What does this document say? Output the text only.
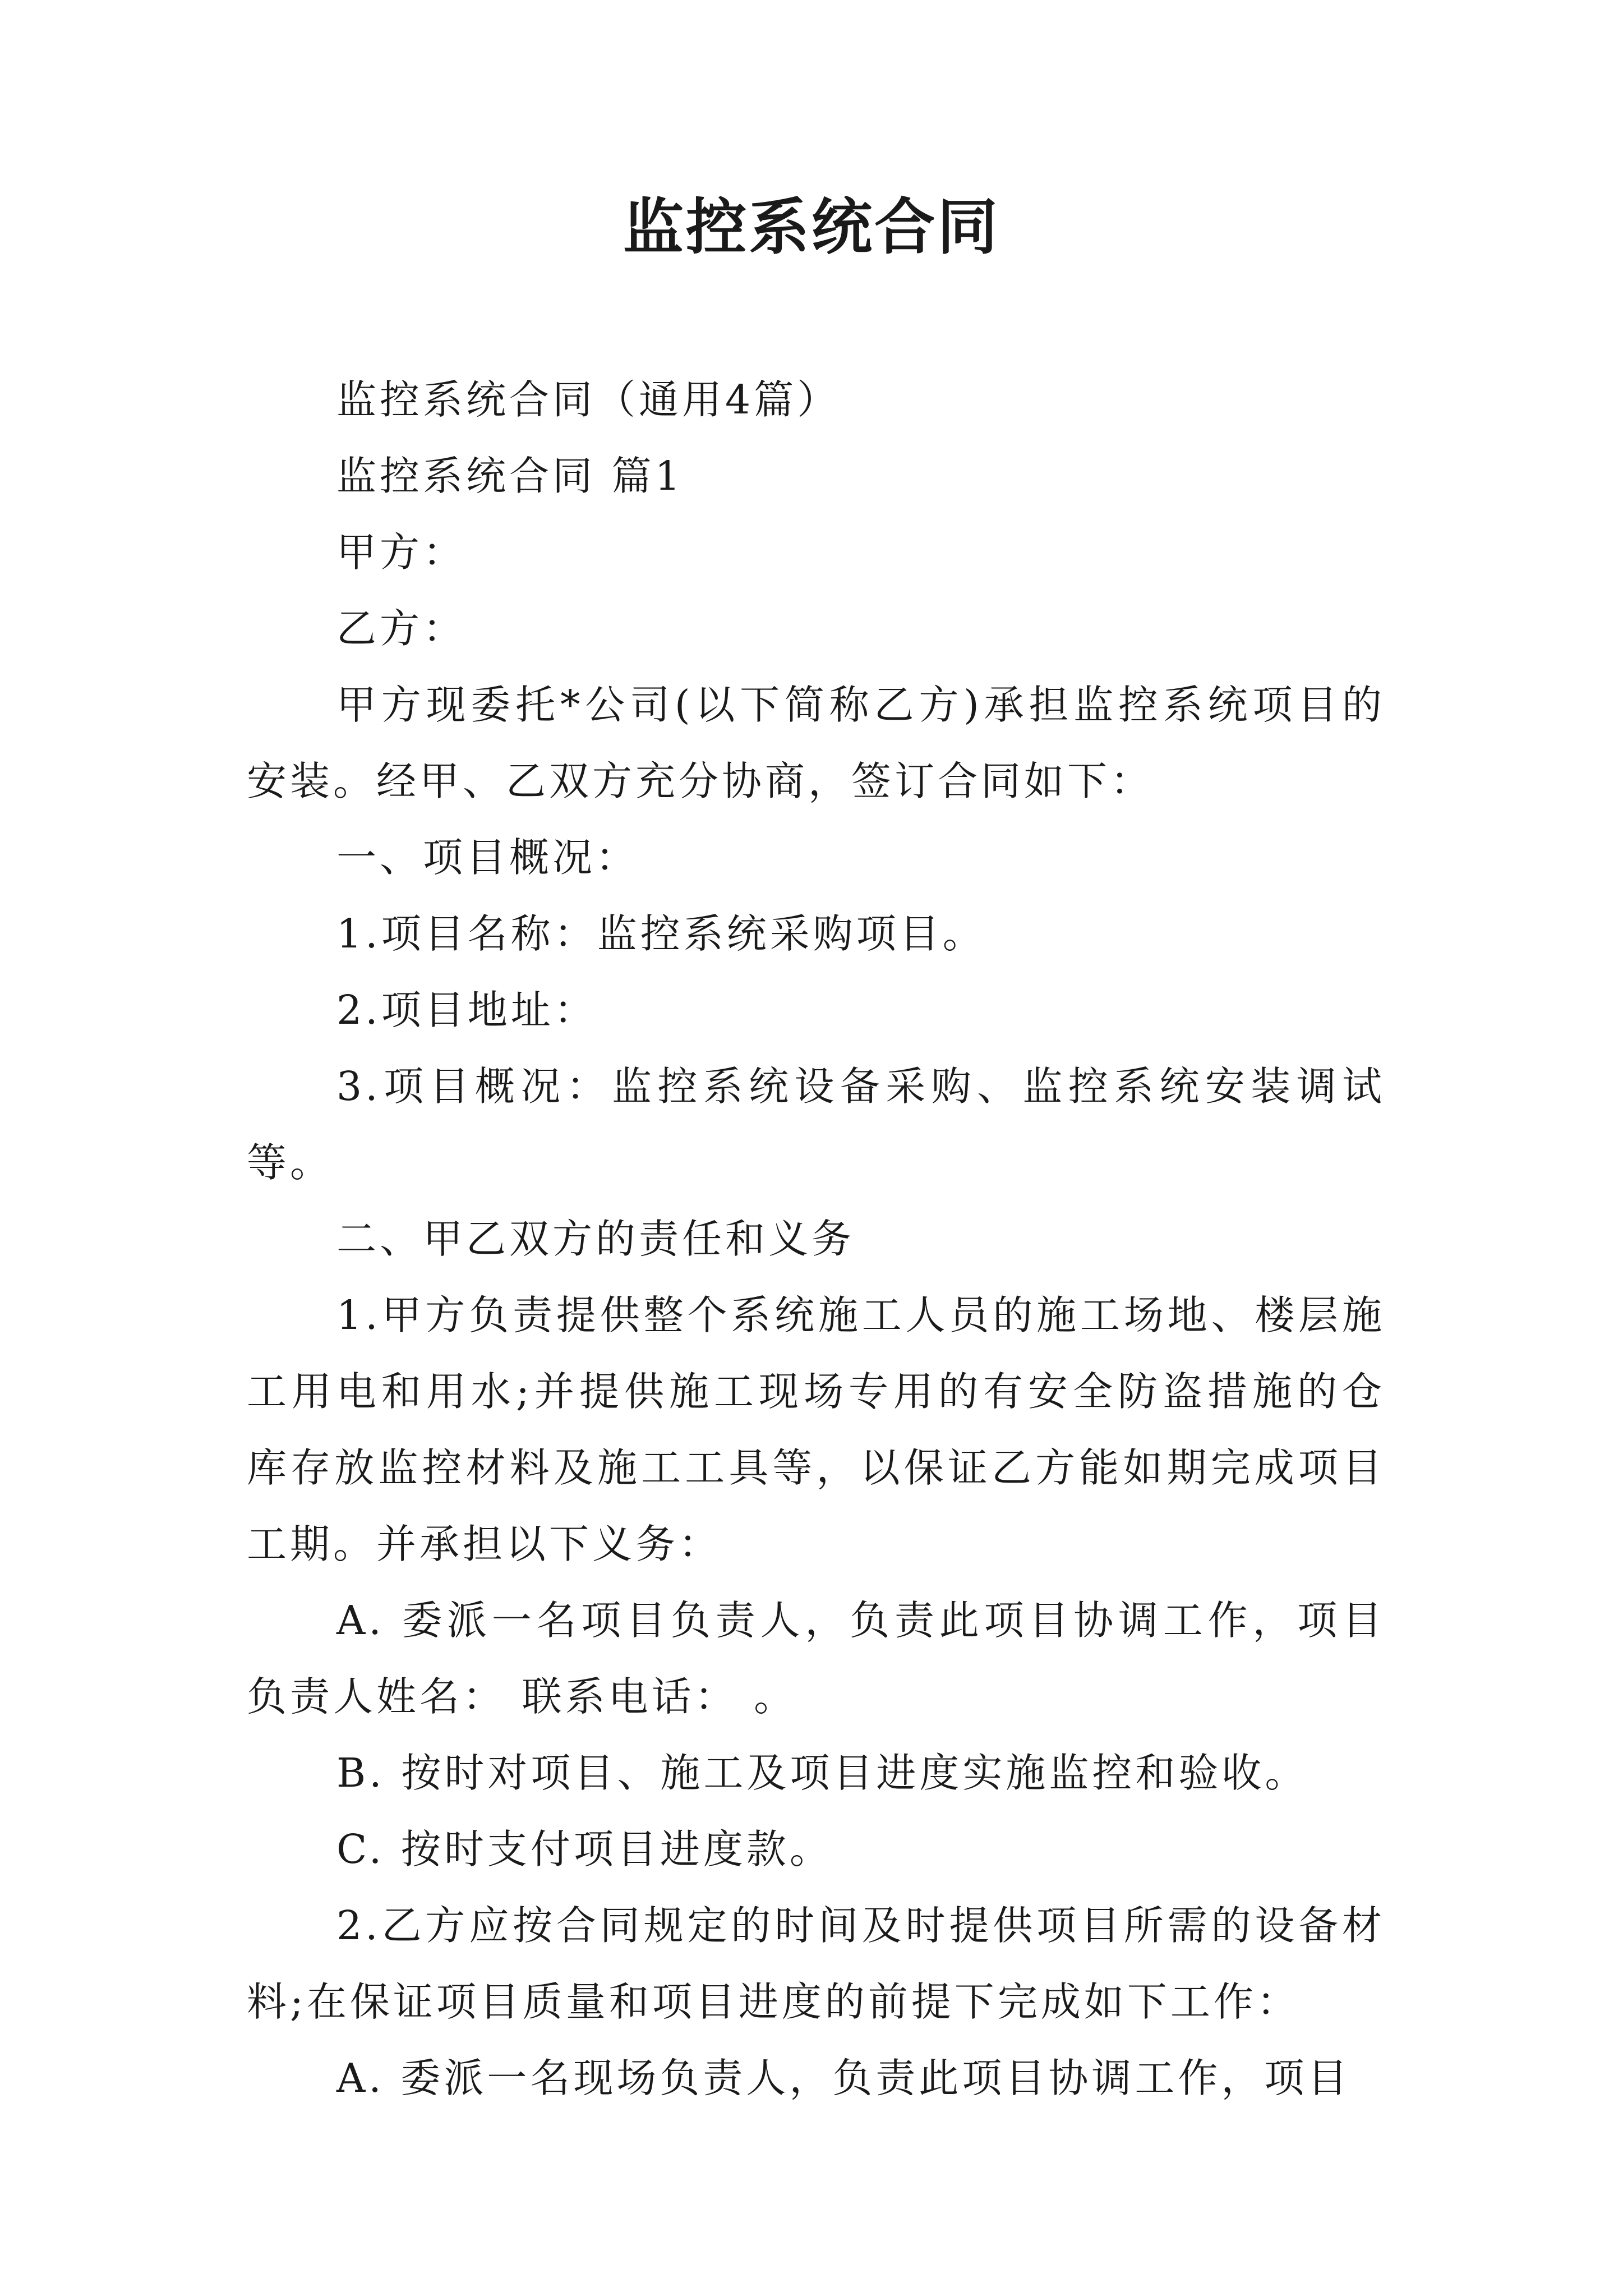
监控系统合同

监控系统合同（通用4篇）

监控系统合同 篇1

甲方：

乙方：

甲方现委托*公司(以下简称乙方)承担监控系统项目的安装。经甲、乙双方充分协商，签订合同如下：

一、项目概况：

1.项目名称：监控系统采购项目。

2.项目地址：

3.项目概况：监控系统设备采购、监控系统安装调试等。

二、甲乙双方的责任和义务

1.甲方负责提供整个系统施工人员的施工场地、楼层施工用电和用水;并提供施工现场专用的有安全防盗措施的仓库存放监控材料及施工工具等，以保证乙方能如期完成项目工期。并承担以下义务：

A. 委派一名项目负责人，负责此项目协调工作，项目负责人姓名： 联系电话： 。

B. 按时对项目、施工及项目进度实施监控和验收。

C. 按时支付项目进度款。

2.乙方应按合同规定的时间及时提供项目所需的设备材料;在保证项目质量和项目进度的前提下完成如下工作：

A. 委派一名现场负责人，负责此项目协调工作，项目
